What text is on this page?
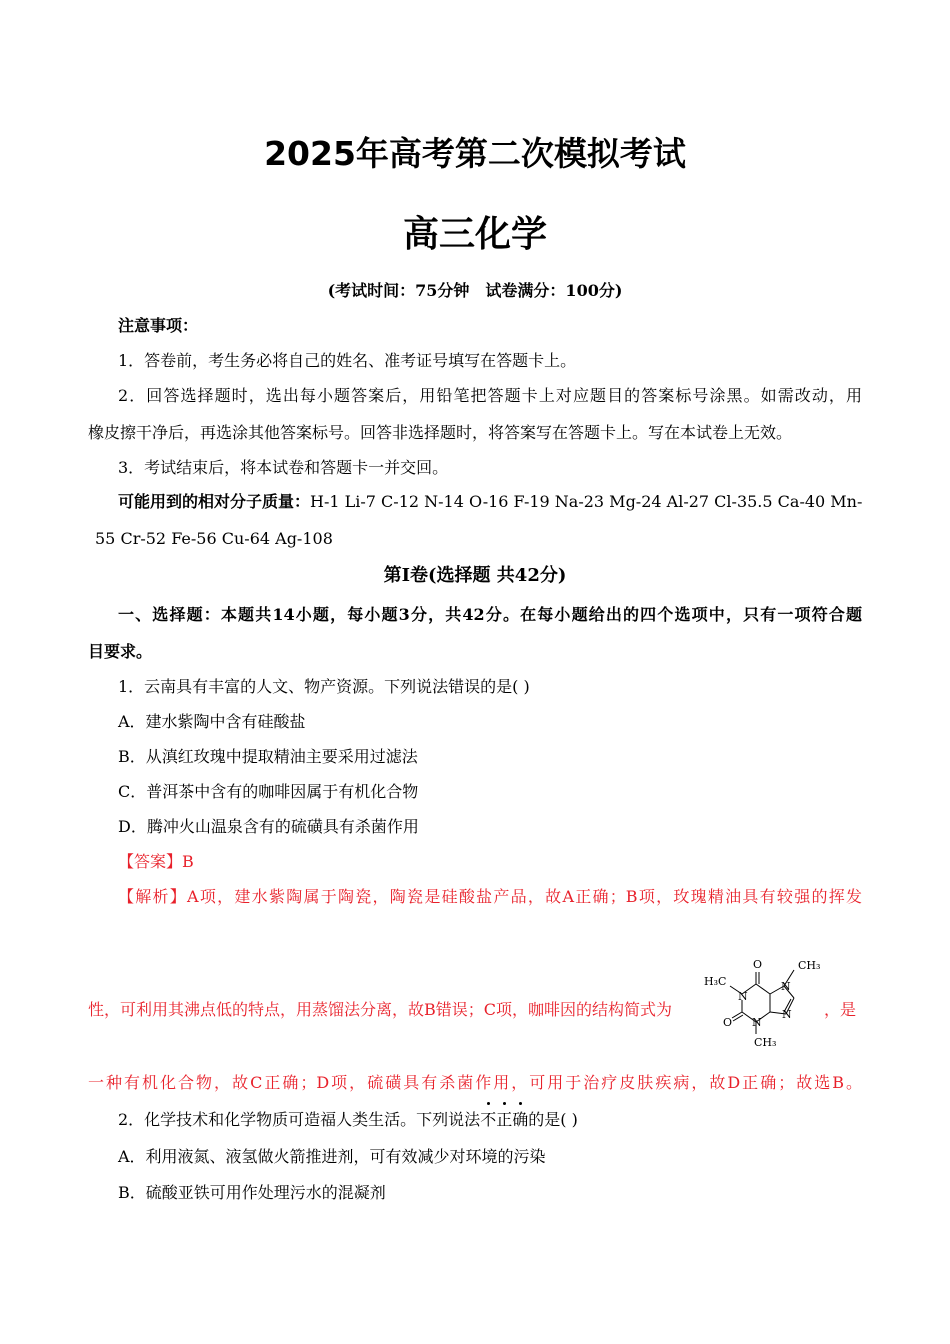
2025年高考第二次模拟考试
高三化学
(考试时间：75分钟　试卷满分：100分)
注意事项：
1．答卷前，考生务必将自己的姓名、准考证号填写在答题卡上。
2．回答选择题时，选出每小题答案后，用铅笔把答题卡上对应题目的答案标号涂黑。如需改动，用
橡皮擦干净后，再选涂其他答案标号。回答非选择题时，将答案写在答题卡上。写在本试卷上无效。
3．考试结束后，将本试卷和答题卡一并交回。
可能用到的相对分子质量：H-1 Li-7 C-12 N-14 O-16 F-19 Na-23 Mg-24 Al-27 Cl-35.5 Ca-40 Mn-
55 Cr-52 Fe-56 Cu-64 Ag-108
第Ⅰ卷(选择题 共42分)
一、选择题：本题共14小题，每小题3分，共42分。在每小题给出的四个选项中，只有一项符合题
目要求。
1．云南具有丰富的人文、物产资源。下列说法错误的是( )
A．建水紫陶中含有硅酸盐
B．从滇红玫瑰中提取精油主要采用过滤法
C．普洱茶中含有的咖啡因属于有机化合物
D．腾冲火山温泉含有的硫磺具有杀菌作用
【答案】B
【解析】A项，建水紫陶属于陶瓷，陶瓷是硅酸盐产品，故A正确；B项，玫瑰精油具有较强的挥发
性，可利用其沸点低的特点，用蒸馏法分离，故B错误；C项，咖啡因的结构简式为	，是
H₃C
CH₃
O
O
N
N
N
N
CH₃
一种有机化合物，故C正确；D项，硫磺具有杀菌作用，可用于治疗皮肤疾病，故D正确；故选B。
2．化学技术和化学物质可造福人类生活。下列说法
不
正
确的是( )
A．利用液氮、液氢做火箭推进剂，可有效减少对环境的污染
B．硫酸亚铁可用作处理污水的混凝剂
